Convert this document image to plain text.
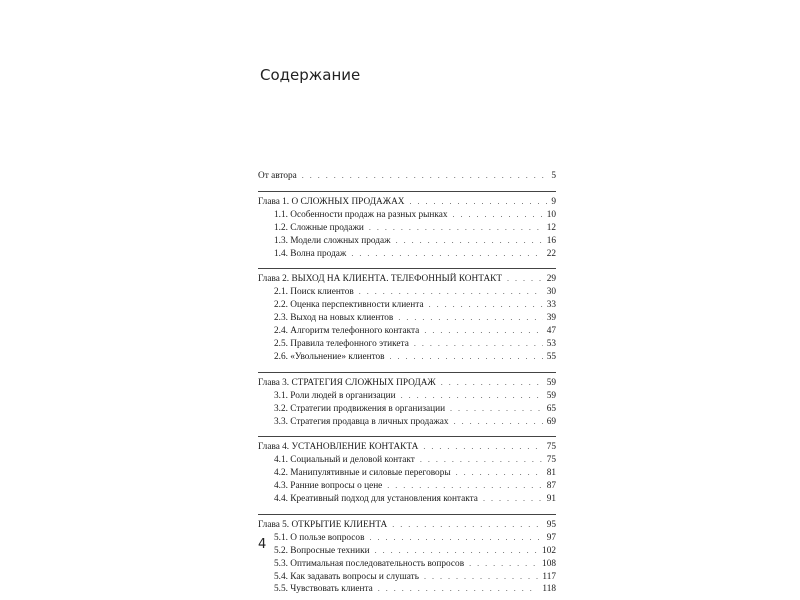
Содержание
От автора . . .	5
Глава 1. О СЛОЖНЫХ ПРОДАЖАХ . . .	9
1.1. Особенности продаж на разных рынках . . .	10
1.2. Сложные продажи . . .	12
1.3. Модели сложных продаж . . .	16
1.4. Волна продаж . . .	22
Глава 2. ВЫХОД НА КЛИЕНТА. ТЕЛЕФОННЫЙ КОНТАКТ . . .	29
2.1. Поиск клиентов . . .	30
2.2. Оценка перспективности клиента . . .	33
2.3. Выход на новых клиентов . . .	39
2.4. Алгоритм телефонного контакта . . .	47
2.5. Правила телефонного этикета . . .	53
2.6. «Увольнение» клиентов . . .	55
Глава 3. СТРАТЕГИЯ СЛОЖНЫХ ПРОДАЖ . . .	59
3.1. Роли людей в организации . . .	59
3.2. Стратегии продвижения в организации . . .	65
3.3. Стратегия продавца в личных продажах . . .	69
Глава 4. УСТАНОВЛЕНИЕ КОНТАКТА . . .	75
4.1. Социальный и деловой контакт . . .	75
4.2. Манипулятивные и силовые переговоры . . .	81
4.3. Ранние вопросы о цене . . .	87
4.4. Креативный подход для установления контакта . . .	91
Глава 5. ОТКРЫТИЕ КЛИЕНТА . . .	95
5.1. О пользе вопросов . . .	97
5.2. Вопросные техники . . .	102
5.3. Оптимальная последовательность вопросов . . .	108
5.4. Как задавать вопросы и слушать . . .	117
5.5. Чувствовать клиента . . .	118
4
